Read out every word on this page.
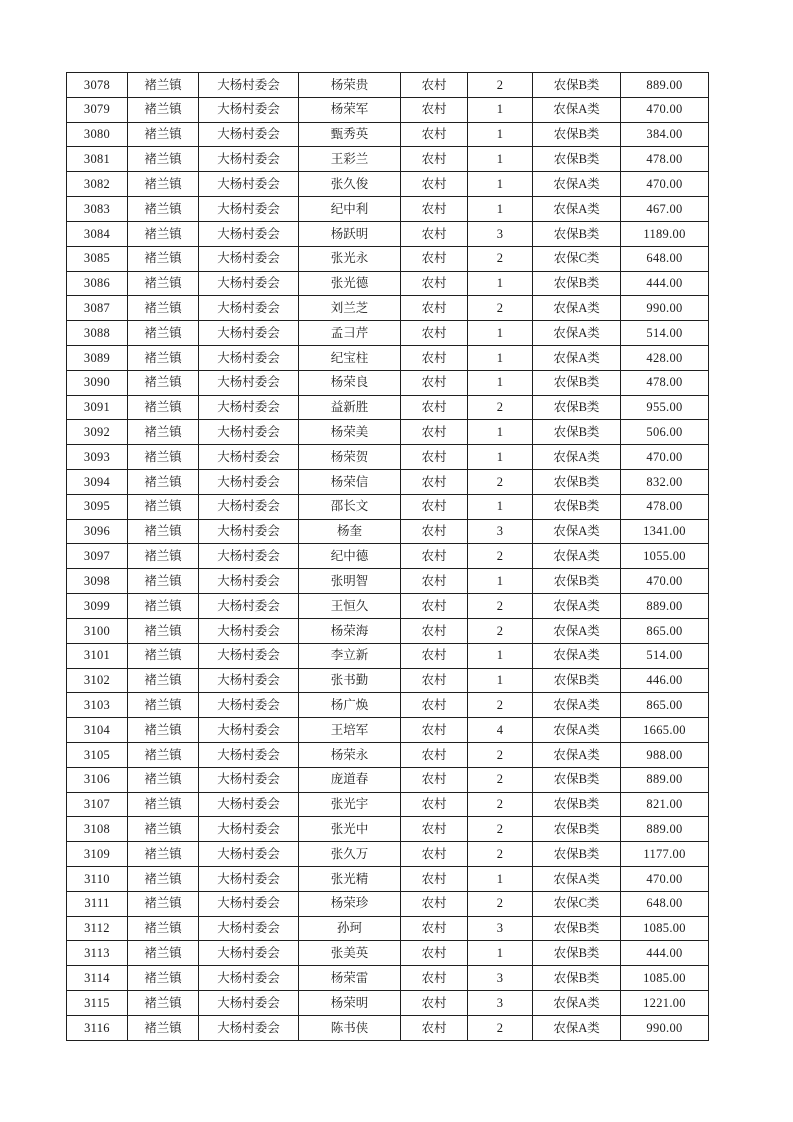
3078	褚兰镇	大杨村委会	杨荣贵	农村	2	农保B类	889.00
3079	褚兰镇	大杨村委会	杨荣军	农村	1	农保A类	470.00
3080	褚兰镇	大杨村委会	甄秀英	农村	1	农保B类	384.00
3081	褚兰镇	大杨村委会	王彩兰	农村	1	农保B类	478.00
3082	褚兰镇	大杨村委会	张久俊	农村	1	农保A类	470.00
3083	褚兰镇	大杨村委会	纪中利	农村	1	农保A类	467.00
3084	褚兰镇	大杨村委会	杨跃明	农村	3	农保B类	1189.00
3085	褚兰镇	大杨村委会	张光永	农村	2	农保C类	648.00
3086	褚兰镇	大杨村委会	张光德	农村	1	农保B类	444.00
3087	褚兰镇	大杨村委会	刘兰芝	农村	2	农保A类	990.00
3088	褚兰镇	大杨村委会	孟彐芹	农村	1	农保A类	514.00
3089	褚兰镇	大杨村委会	纪宝柱	农村	1	农保A类	428.00
3090	褚兰镇	大杨村委会	杨荣良	农村	1	农保B类	478.00
3091	褚兰镇	大杨村委会	益新胜	农村	2	农保B类	955.00
3092	褚兰镇	大杨村委会	杨荣美	农村	1	农保B类	506.00
3093	褚兰镇	大杨村委会	杨荣贺	农村	1	农保A类	470.00
3094	褚兰镇	大杨村委会	杨荣信	农村	2	农保B类	832.00
3095	褚兰镇	大杨村委会	邵长文	农村	1	农保B类	478.00
3096	褚兰镇	大杨村委会	杨奎	农村	3	农保A类	1341.00
3097	褚兰镇	大杨村委会	纪中德	农村	2	农保A类	1055.00
3098	褚兰镇	大杨村委会	张明智	农村	1	农保B类	470.00
3099	褚兰镇	大杨村委会	王恒久	农村	2	农保A类	889.00
3100	褚兰镇	大杨村委会	杨荣海	农村	2	农保A类	865.00
3101	褚兰镇	大杨村委会	李立新	农村	1	农保A类	514.00
3102	褚兰镇	大杨村委会	张书勤	农村	1	农保B类	446.00
3103	褚兰镇	大杨村委会	杨广焕	农村	2	农保A类	865.00
3104	褚兰镇	大杨村委会	王培军	农村	4	农保A类	1665.00
3105	褚兰镇	大杨村委会	杨荣永	农村	2	农保A类	988.00
3106	褚兰镇	大杨村委会	庞道春	农村	2	农保B类	889.00
3107	褚兰镇	大杨村委会	张光宇	农村	2	农保B类	821.00
3108	褚兰镇	大杨村委会	张光中	农村	2	农保B类	889.00
3109	褚兰镇	大杨村委会	张久万	农村	2	农保B类	1177.00
3110	褚兰镇	大杨村委会	张光精	农村	1	农保A类	470.00
3111	褚兰镇	大杨村委会	杨荣珍	农村	2	农保C类	648.00
3112	褚兰镇	大杨村委会	孙珂	农村	3	农保B类	1085.00
3113	褚兰镇	大杨村委会	张美英	农村	1	农保B类	444.00
3114	褚兰镇	大杨村委会	杨荣雷	农村	3	农保B类	1085.00
3115	褚兰镇	大杨村委会	杨荣明	农村	3	农保A类	1221.00
3116	褚兰镇	大杨村委会	陈书侠	农村	2	农保A类	990.00
